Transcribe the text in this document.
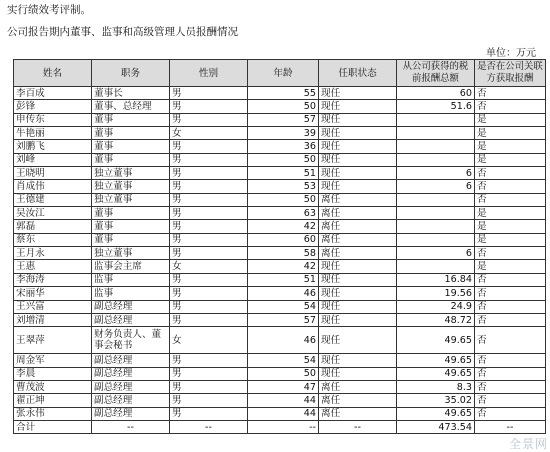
实行绩效考评制。
公司报告期内董事、监事和高级管理人员报酬情况
单位：万元
姓名	职务	性别	年龄	任职状态	从公司获得的税前报酬总额	是否在公司关联方获取报酬
李百成	董事长	男	55	现任	60	否
彭锋	董事、总经理	男	50	现任	51.6	否
申传东	董事	男	57	现任		是
牛艳丽	董事	女	39	现任		是
刘鹏飞	董事	男	36	现任		是
刘峰	董事	男	50	现任		是
王晓明	独立董事	男	51	现任	6	否
肖成伟	独立董事	男	53	现任	6	否
王德建	独立董事	男	50	离任		否
吴汝江	董事	男	63	离任		是
郭磊	董事	男	42	离任		是
蔡东	董事	男	60	离任		是
王月永	独立董事	男	58	离任	6	否
王惠	监事会主席	女	42	现任		是
李海涛	监事	男	51	现任	16.84	否
宋丽华	监事	男	46	现任	19.56	否
王兴富	副总经理	男	54	现任	24.9	否
刘增清	副总经理	男	57	现任	48.72	否
王翠萍	财务负责人、董事会秘书	女	46	现任	49.65	否
周金军	副总经理	男	54	现任	49.65	否
李晨	副总经理	男	50	现任	49.65	否
曹茂波	副总经理	男	47	离任	8.3	否
翟正坤	副总经理	男	44	离任	35.02	否
张永伟	副总经理	男	44	离任	49.65	否
合计	--	--	--	--	473.54	--
全景网
